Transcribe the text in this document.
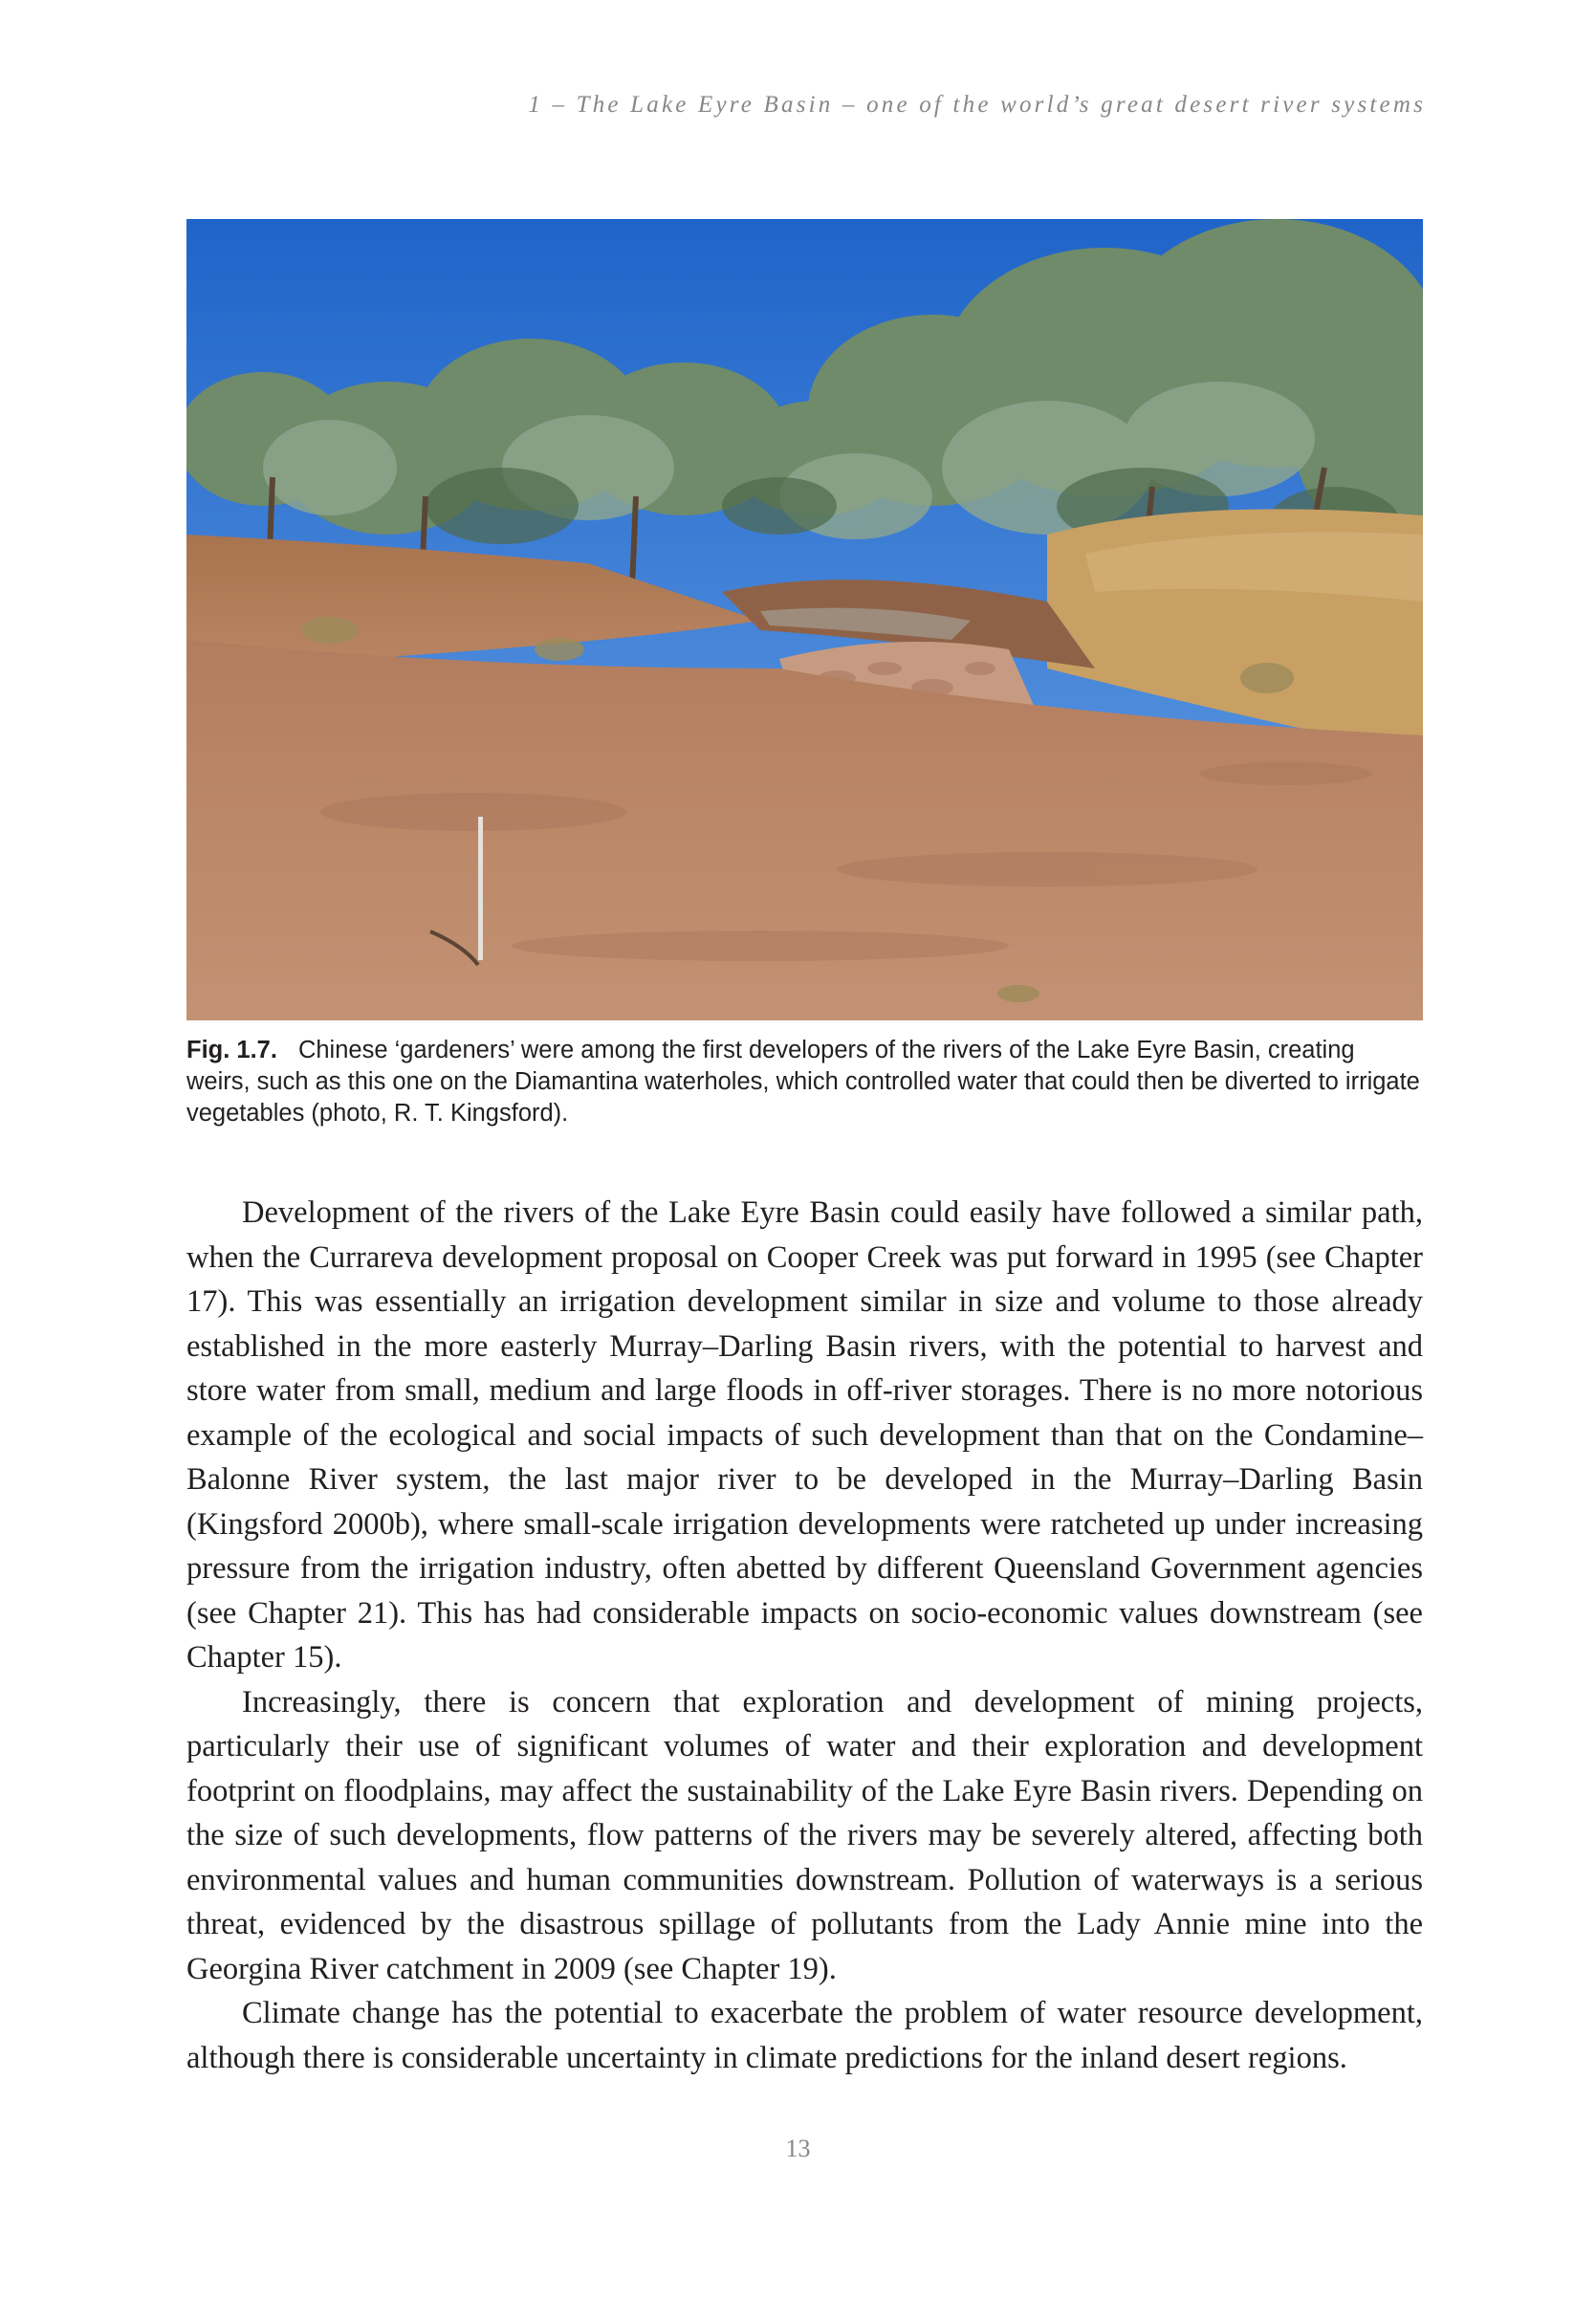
1 – The Lake Eyre Basin – one of the world’s great desert river systems
Fig. 1.7. Chinese ‘gardeners’ were among the first developers of the rivers of the Lake Eyre Basin, creating weirs, such as this one on the Diamantina waterholes, which controlled water that could then be diverted to irrigate vegetables (photo, R. T. Kingsford).

Development of the rivers of the Lake Eyre Basin could easily have followed a similar path, when the Currareva development proposal on Cooper Creek was put forward in 1995 (see Chapter 17). This was essentially an irrigation development similar in size and volume to those already established in the more easterly Murray–Darling Basin rivers, with the potential to harvest and store water from small, medium and large floods in off-river storages. There is no more notorious example of the ecological and social impacts of such development than that on the Condamine–Balonne River system, the last major river to be developed in the Murray–Darling Basin (Kingsford 2000b), where small-scale irrigation developments were ratcheted up under increasing pressure from the irrigation industry, often abetted by different Queensland Government agencies (see Chapter 21). This has had considerable impacts on socio-economic values downstream (see Chapter 15).

Increasingly, there is concern that exploration and development of mining projects, particularly their use of significant volumes of water and their exploration and development footprint on floodplains, may affect the sustainability of the Lake Eyre Basin rivers. Depending on the size of such developments, flow patterns of the rivers may be severely altered, affecting both environmental values and human communities downstream. Pollution of waterways is a serious threat, evidenced by the disastrous spillage of pollutants from the Lady Annie mine into the Georgina River catchment in 2009 (see Chapter 19).

Climate change has the potential to exacerbate the problem of water resource development, although there is considerable uncertainty in climate predictions for the inland desert regions.

13
